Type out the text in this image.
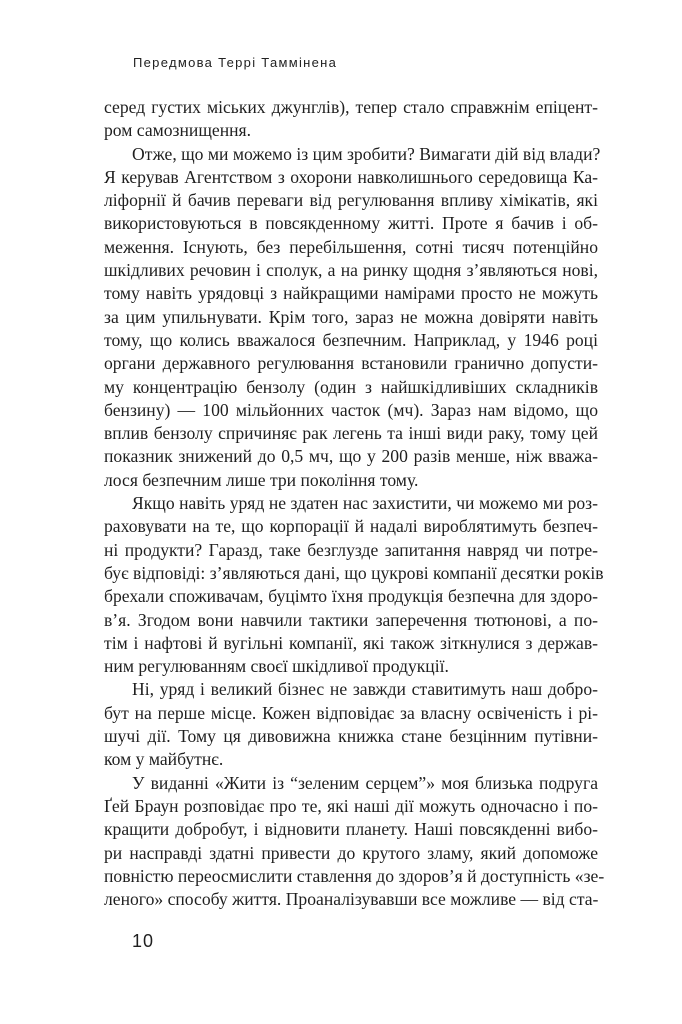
Передмова Террі Таммінена
серед густих міських джунглів), тепер стало справжнім епіцент-
ром самознищення.
Отже, що ми можемо із цим зробити? Вимагати дій від влади?
Я керував Агентством з охорони навколишнього середовища Ка-
ліфорнії й бачив переваги від регулювання впливу хімікатів, які
використовуються в повсякденному житті. Проте я бачив і об-
меження. Існують, без перебільшення, сотні тисяч потенційно
шкідливих речовин і сполук, а на ринку щодня з’являються нові,
тому навіть урядовці з найкращими намірами просто не можуть
за цим упильнувати. Крім того, зараз не можна довіряти навіть
тому, що колись вважалося безпечним. Наприклад, у 1946 році
органи державного регулювання встановили гранично допусти-
му концентрацію бензолу (один з найшкідливіших складників
бензину) — 100 мільйонних часток (мч). Зараз нам відомо, що
вплив бензолу спричиняє рак легень та інші види раку, тому цей
показник знижений до 0,5 мч, що у 200 разів менше, ніж вважа-
лося безпечним лише три покоління тому.
Якщо навіть уряд не здатен нас захистити, чи можемо ми роз-
раховувати на те, що корпорації й надалі вироблятимуть безпеч-
ні продукти? Гаразд, таке безглузде запитання навряд чи потре-
бує відповіді: з’являються дані, що цукрові компанії десятки років
брехали споживачам, буцімто їхня продукція безпечна для здоро-
в’я. Згодом вони навчили тактики заперечення тютюнові, а по-
тім і нафтові й вугільні компанії, які також зіткнулися з держав-
ним регулюванням своєї шкідливої продукції.
Ні, уряд і великий бізнес не завжди ставитимуть наш добро-
бут на перше місце. Кожен відповідає за власну освіченість і рі-
шучі дії. Тому ця дивовижна книжка стане безцінним путівни-
ком у майбутнє.
У виданні «Жити із “зеленим серцем”» моя близька подруга
Ґей Браун розповідає про те, які наші дії можуть одночасно і по-
кращити добробут, і відновити планету. Наші повсякденні вибо-
ри насправді здатні привести до крутого зламу, який допоможе
повністю переосмислити ставлення до здоров’я й доступність «зе-
леного» способу життя. Проаналізувавши все можливе — від ста-
10
